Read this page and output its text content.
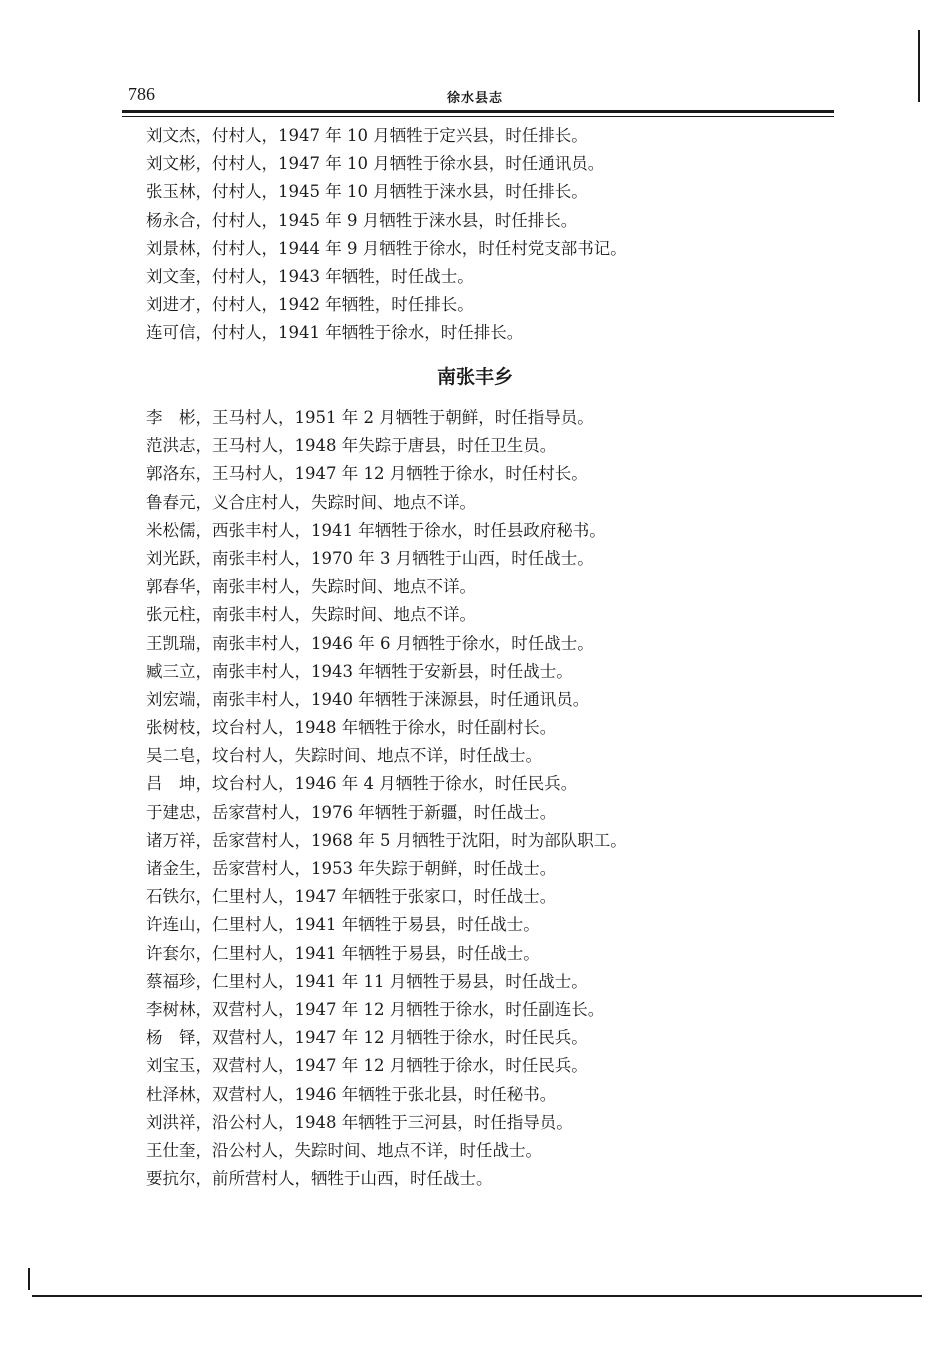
786	徐水县志
刘文杰，付村人，1947 年 10 月牺牲于定兴县，时任排长。
刘文彬，付村人，1947 年 10 月牺牲于徐水县，时任通讯员。
张玉林，付村人，1945 年 10 月牺牲于涞水县，时任排长。
杨永合，付村人，1945 年 9 月牺牲于涞水县，时任排长。
刘景林，付村人，1944 年 9 月牺牲于徐水，时任村党支部书记。
刘文奎，付村人，1943 年牺牲，时任战士。
刘进才，付村人，1942 年牺牲，时任排长。
连可信，付村人，1941 年牺牲于徐水，时任排长。
南张丰乡
李　彬，王马村人，1951 年 2 月牺牲于朝鲜，时任指导员。
范洪志，王马村人，1948 年失踪于唐县，时任卫生员。
郭洛东，王马村人，1947 年 12 月牺牲于徐水，时任村长。
鲁春元，义合庄村人，失踪时间、地点不详。
米松儒，西张丰村人，1941 年牺牲于徐水，时任县政府秘书。
刘光跃，南张丰村人，1970 年 3 月牺牲于山西，时任战士。
郭春华，南张丰村人，失踪时间、地点不详。
张元柱，南张丰村人，失踪时间、地点不详。
王凯瑞，南张丰村人，1946 年 6 月牺牲于徐水，时任战士。
臧三立，南张丰村人，1943 年牺牲于安新县，时任战士。
刘宏端，南张丰村人，1940 年牺牲于涞源县，时任通讯员。
张树枝，坟台村人，1948 年牺牲于徐水，时任副村长。
吴二皂，坟台村人，失踪时间、地点不详，时任战士。
吕　坤，坟台村人，1946 年 4 月牺牲于徐水，时任民兵。
于建忠，岳家营村人，1976 年牺牲于新疆，时任战士。
诸万祥，岳家营村人，1968 年 5 月牺牲于沈阳，时为部队职工。
诸金生，岳家营村人，1953 年失踪于朝鲜，时任战士。
石铁尔，仁里村人，1947 年牺牲于张家口，时任战士。
许连山，仁里村人，1941 年牺牲于易县，时任战士。
许套尔，仁里村人，1941 年牺牲于易县，时任战士。
蔡福珍，仁里村人，1941 年 11 月牺牲于易县，时任战士。
李树林，双营村人，1947 年 12 月牺牲于徐水，时任副连长。
杨　铎，双营村人，1947 年 12 月牺牲于徐水，时任民兵。
刘宝玉，双营村人，1947 年 12 月牺牲于徐水，时任民兵。
杜泽林，双营村人，1946 年牺牲于张北县，时任秘书。
刘洪祥，沿公村人，1948 年牺牲于三河县，时任指导员。
王仕奎，沿公村人，失踪时间、地点不详，时任战士。
要抗尔，前所营村人，牺牲于山西，时任战士。
